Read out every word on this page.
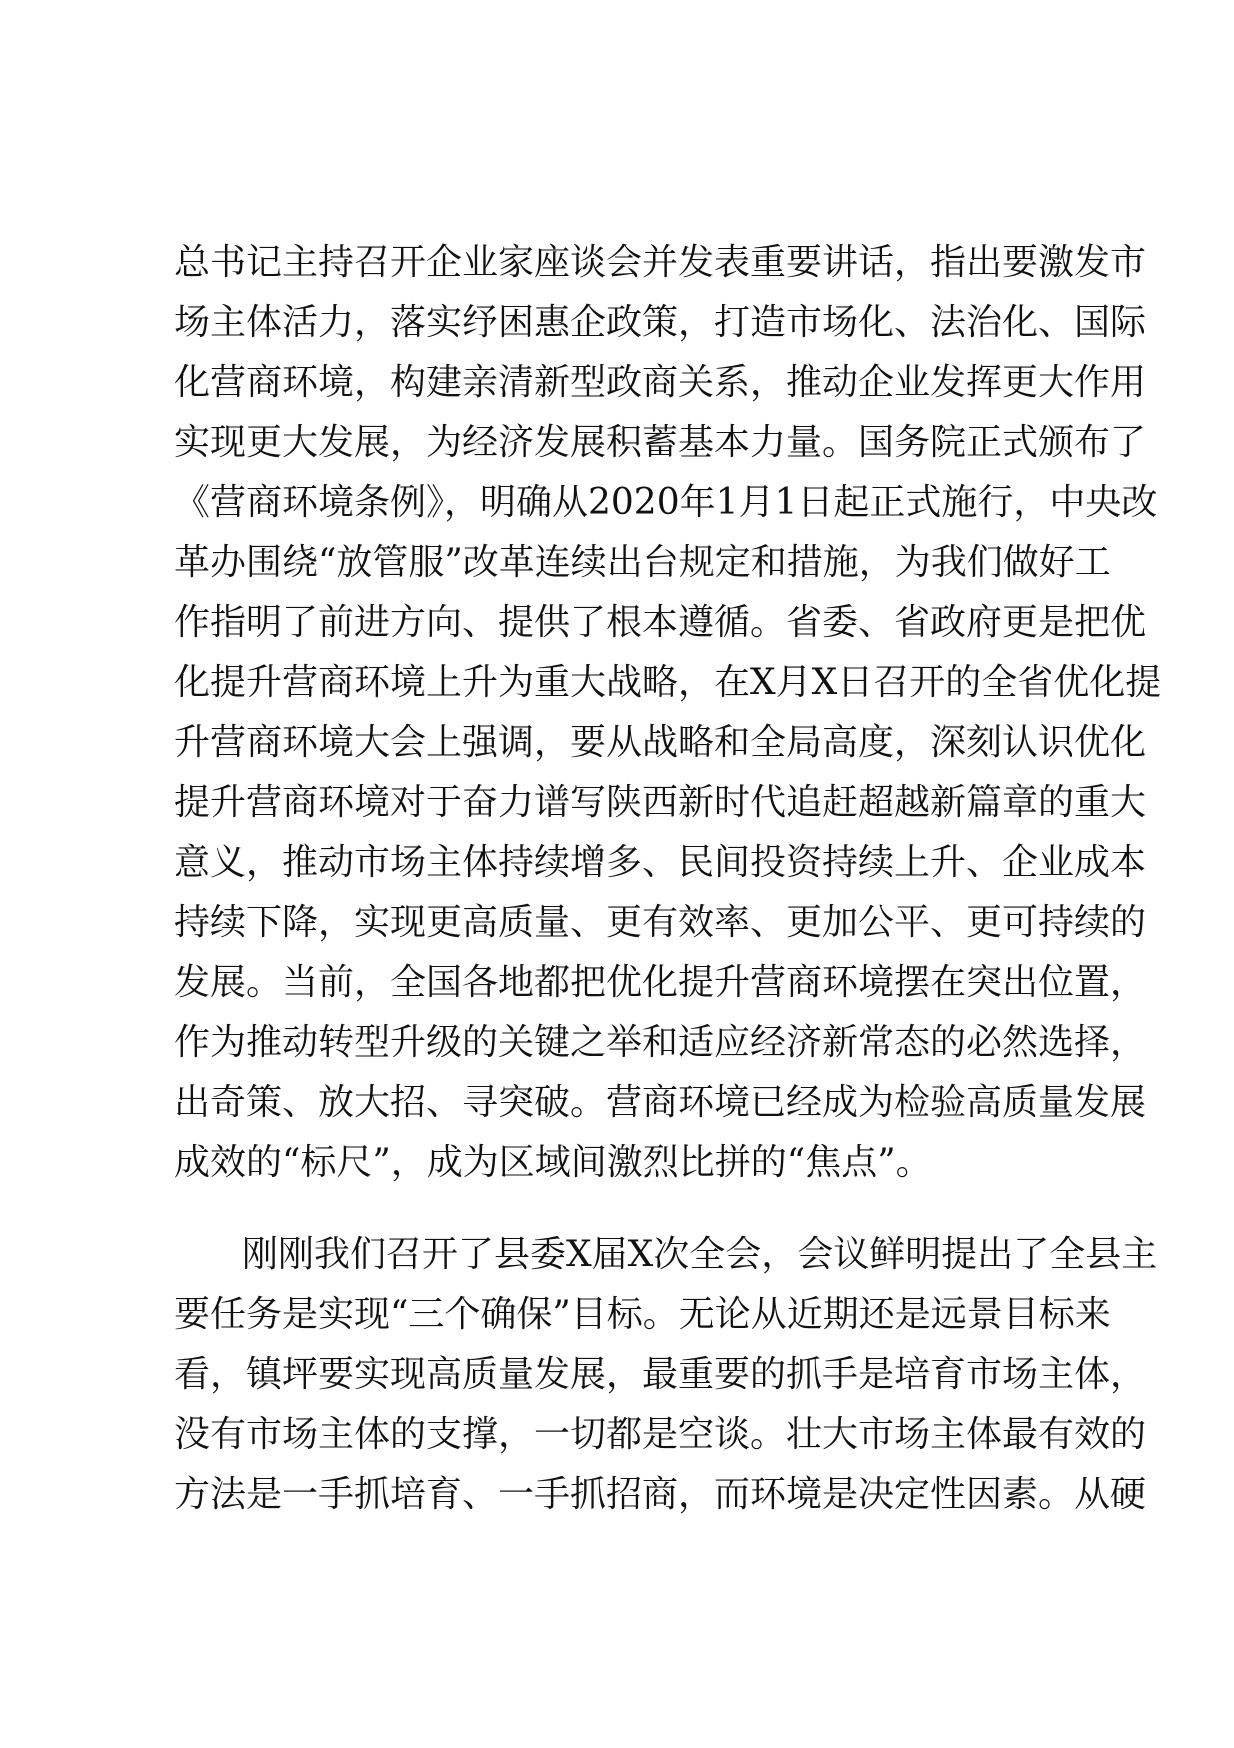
总书记主持召开企业家座谈会并发表重要讲话，指出要激发市
场主体活力，落实纾困惠企政策，打造市场化、法治化、国际
化营商环境，构建亲清新型政商关系，推动企业发挥更大作用
实现更大发展，为经济发展积蓄基本力量。国务院正式颁布了
《营商环境条例》，明确从2020年1月1日起正式施行，中央改
革办围绕“放管服”改革连续出台规定和措施，为我们做好工
作指明了前进方向、提供了根本遵循。省委、省政府更是把优
化提升营商环境上升为重大战略，在X月X日召开的全省优化提
升营商环境大会上强调，要从战略和全局高度，深刻认识优化
提升营商环境对于奋力谱写陕西新时代追赶超越新篇章的重大
意义，推动市场主体持续增多、民间投资持续上升、企业成本
持续下降，实现更高质量、更有效率、更加公平、更可持续的
发展。当前，全国各地都把优化提升营商环境摆在突出位置，
作为推动转型升级的关键之举和适应经济新常态的必然选择，
出奇策、放大招、寻突破。营商环境已经成为检验高质量发展
成效的“标尺”，成为区域间激烈比拼的“焦点”。
刚刚我们召开了县委X届X次全会，会议鲜明提出了全县主
要任务是实现“三个确保”目标。无论从近期还是远景目标来
看，镇坪要实现高质量发展，最重要的抓手是培育市场主体，
没有市场主体的支撑，一切都是空谈。壮大市场主体最有效的
方法是一手抓培育、一手抓招商，而环境是决定性因素。从硬
